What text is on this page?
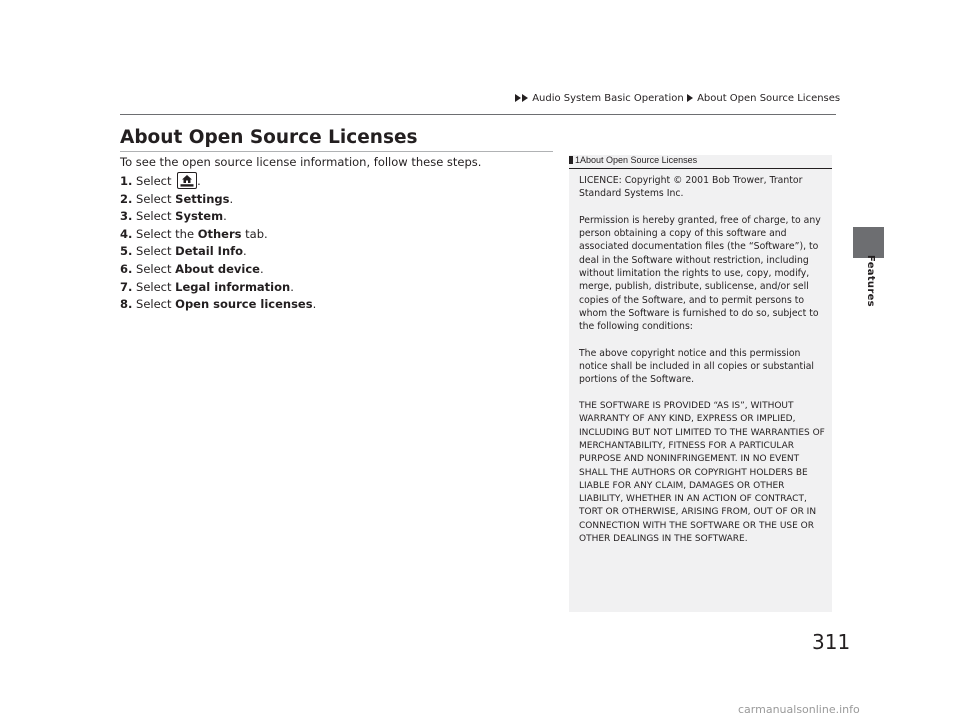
Audio System Basic Operation About Open Source Licenses
Features
About Open Source Licenses
To see the open source license information, follow these steps.
1. Select .
2. Select Settings.
3. Select System.
4. Select the Others tab.
5. Select Detail Info.
6. Select About device.
7. Select Legal information.
8. Select Open source licenses.
1About Open Source Licenses

LICENCE: Copyright © 2001 Bob Trower, Trantor Standard Systems Inc.

Permission is hereby granted, free of charge, to any person obtaining a copy of this software and associated documentation files (the “Software”), to deal in the Software without restriction, including without limitation the rights to use, copy, modify, merge, publish, distribute, sublicense, and/or sell copies of the Software, and to permit persons to whom the Software is furnished to do so, subject to the following conditions:

The above copyright notice and this permission notice shall be included in all copies or substantial portions of the Software.

THE SOFTWARE IS PROVIDED “AS IS”, WITHOUT WARRANTY OF ANY KIND, EXPRESS OR IMPLIED, INCLUDING BUT NOT LIMITED TO THE WARRANTIES OF MERCHANTABILITY, FITNESS FOR A PARTICULAR PURPOSE AND NONINFRINGEMENT. IN NO EVENT SHALL THE AUTHORS OR COPYRIGHT HOLDERS BE LIABLE FOR ANY CLAIM, DAMAGES OR OTHER LIABILITY, WHETHER IN AN ACTION OF CONTRACT, TORT OR OTHERWISE, ARISING FROM, OUT OF OR IN CONNECTION WITH THE SOFTWARE OR THE USE OR OTHER DEALINGS IN THE SOFTWARE.

311
carmanualsonline.info
